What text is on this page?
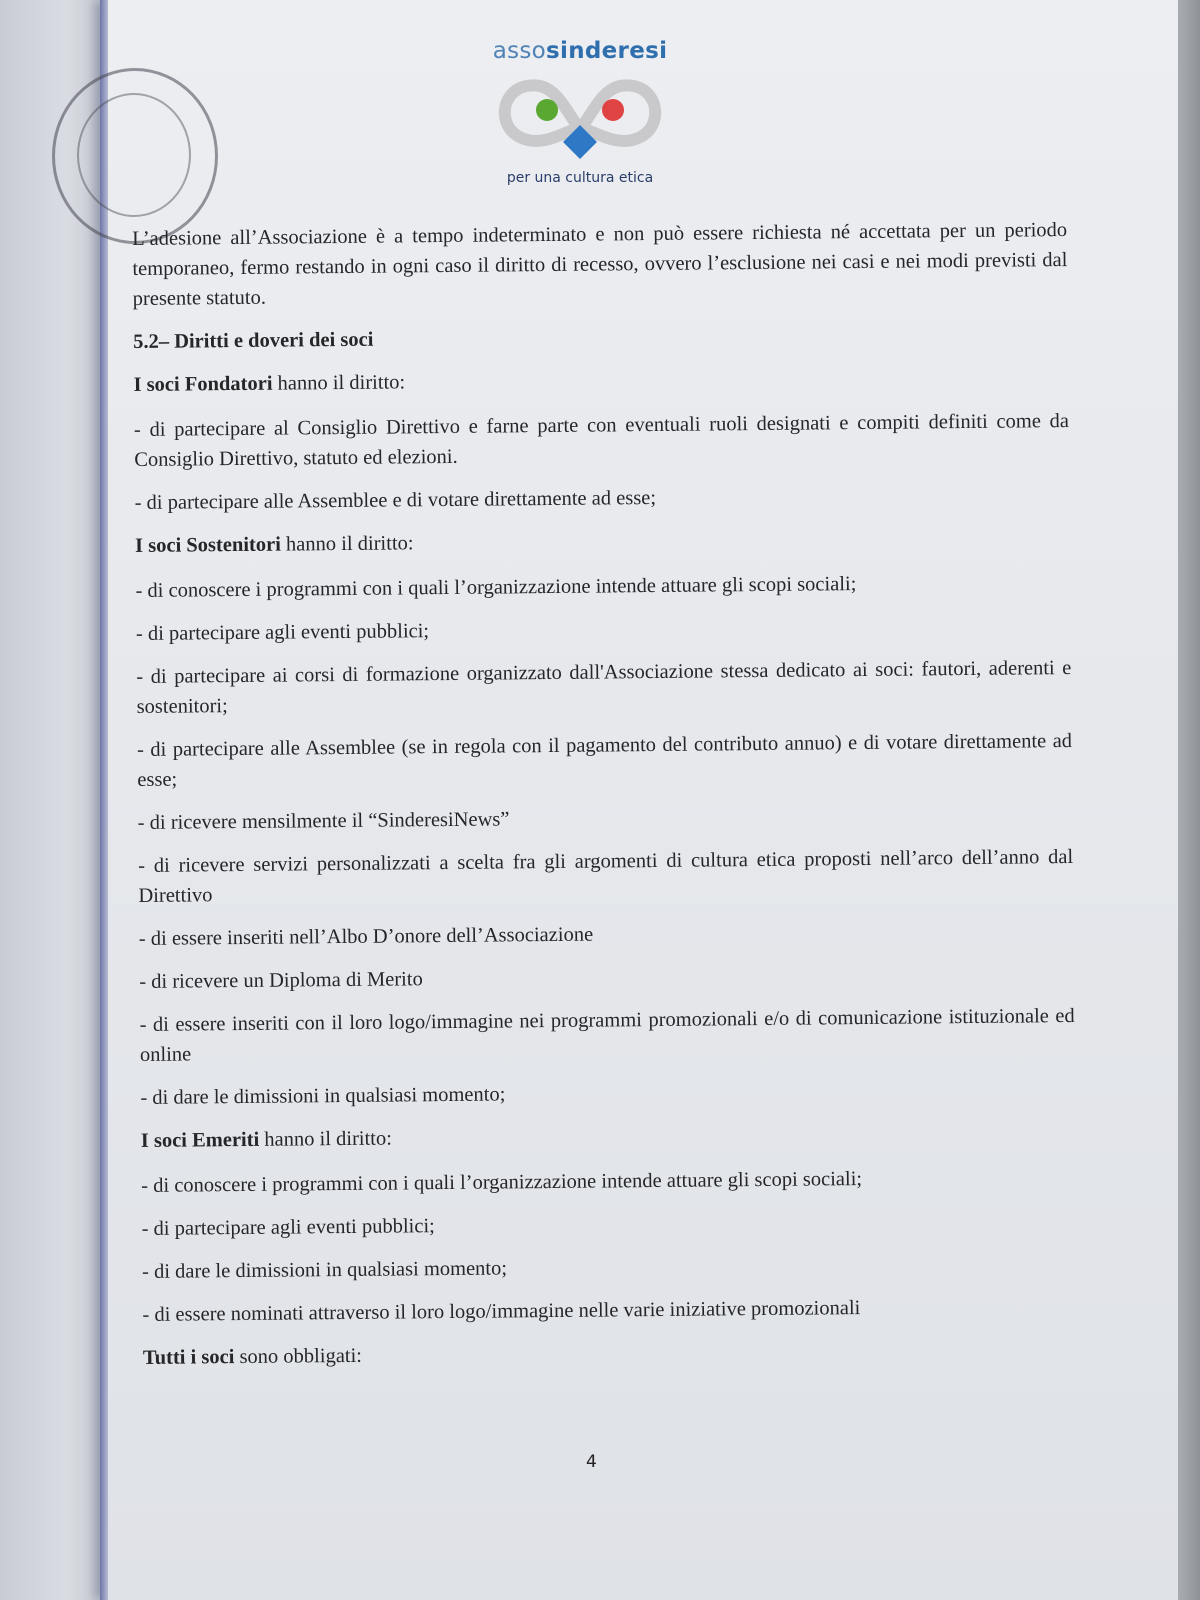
assosinderesi
per una cultura etica

L’adesione all’Associazione è a tempo indeterminato e non può essere richiesta né accettata per un periodo temporaneo, fermo restando in ogni caso il diritto di recesso, ovvero l’esclusione nei casi e nei modi previsti dal presente statuto.

5.2– Diritti e doveri dei soci

I soci Fondatori hanno il diritto:

- di partecipare al Consiglio Direttivo e farne parte con eventuali ruoli designati e compiti definiti come da Consiglio Direttivo, statuto ed elezioni.

- di partecipare alle Assemblee e di votare direttamente ad esse;

I soci Sostenitori hanno il diritto:

- di conoscere i programmi con i quali l’organizzazione intende attuare gli scopi sociali;

- di partecipare agli eventi pubblici;

- di partecipare ai corsi di formazione organizzato dall'Associazione stessa dedicato ai soci: fautori, aderenti e sostenitori;

- di partecipare alle Assemblee (se in regola con il pagamento del contributo annuo) e di votare direttamente ad esse;

- di ricevere mensilmente il “SinderesiNews”

- di ricevere servizi personalizzati a scelta fra gli argomenti di cultura etica proposti nell’arco dell’anno dal Direttivo

- di essere inseriti nell’Albo D’onore dell’Associazione

- di ricevere un Diploma di Merito

- di essere inseriti con il loro logo/immagine nei programmi promozionali e/o di comunicazione istituzionale ed online

- di dare le dimissioni in qualsiasi momento;

I soci Emeriti hanno il diritto:

- di conoscere i programmi con i quali l’organizzazione intende attuare gli scopi sociali;

- di partecipare agli eventi pubblici;

- di dare le dimissioni in qualsiasi momento;

- di essere nominati attraverso il loro logo/immagine nelle varie iniziative promozionali

Tutti i soci sono obbligati:

4
